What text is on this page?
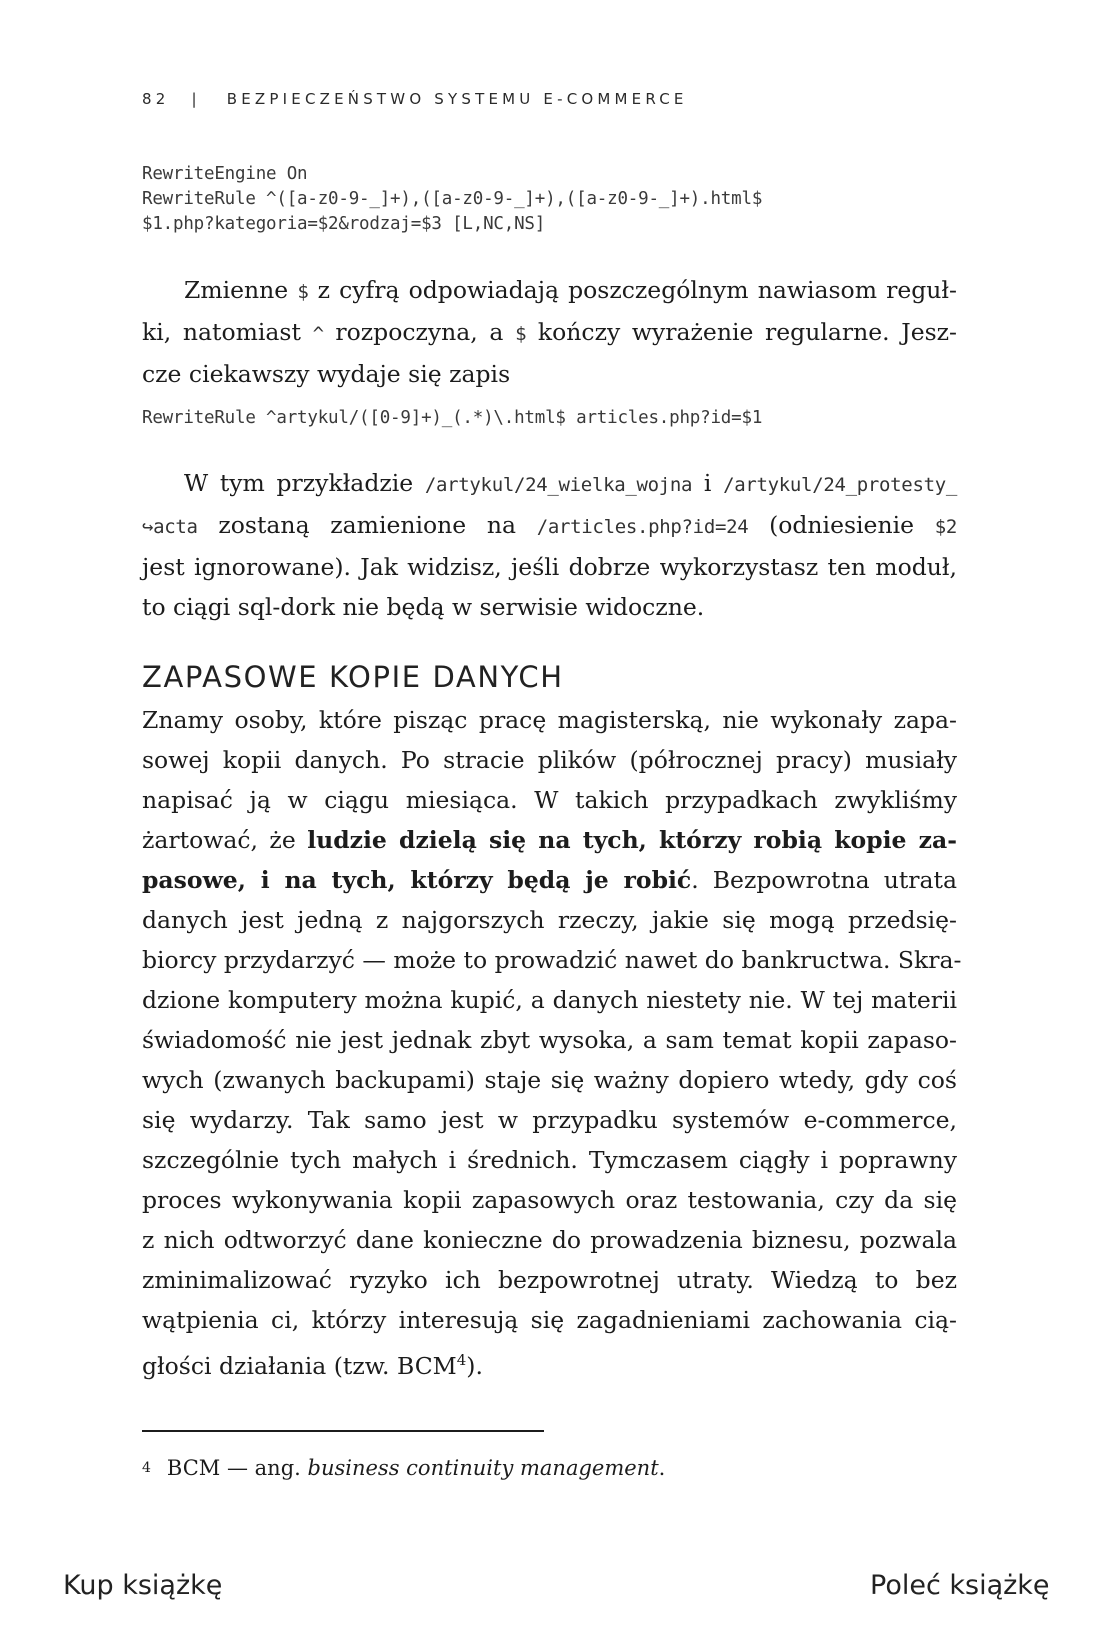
82 | BEZPIECZEŃSTWO SYSTEMU E-COMMERCE
RewriteEngine On
RewriteRule ^([a-z0-9-_]+),([a-z0-9-_]+),([a-z0-9-_]+).html$
$1.php?kategoria=$2&rodzaj=$3 [L,NC,NS]
Zmienne $ z cyfrą odpowiadają poszczególnym nawiasom reguł-
ki, natomiast ^ rozpoczyna, a $ kończy wyrażenie regularne. Jesz-
cze ciekawszy wydaje się zapis
RewriteRule ^artykul/([0-9]+)_(.*)\.html$ articles.php?id=$1
W tym przykładzie /artykul/24_wielka_wojna i /artykul/24_protesty_
↪acta zostaną zamienione na /articles.php?id=24 (odniesienie $2
jest ignorowane). Jak widzisz, jeśli dobrze wykorzystasz ten moduł,
to ciągi sql-dork nie będą w serwisie widoczne.
ZAPASOWE KOPIE DANYCH
Znamy osoby, które pisząc pracę magisterską, nie wykonały zapa-
sowej kopii danych. Po stracie plików (półrocznej pracy) musiały
napisać ją w ciągu miesiąca. W takich przypadkach zwykliśmy
żartować, że ludzie dzielą się na tych, którzy robią kopie za-
pasowe, i na tych, którzy będą je robić. Bezpowrotna utrata
danych jest jedną z najgorszych rzeczy, jakie się mogą przedsię-
biorcy przydarzyć — może to prowadzić nawet do bankructwa. Skra-
dzione komputery można kupić, a danych niestety nie. W tej materii
świadomość nie jest jednak zbyt wysoka, a sam temat kopii zapaso-
wych (zwanych backupami) staje się ważny dopiero wtedy, gdy coś
się wydarzy. Tak samo jest w przypadku systemów e-commerce,
szczególnie tych małych i średnich. Tymczasem ciągły i poprawny
proces wykonywania kopii zapasowych oraz testowania, czy da się
z nich odtworzyć dane konieczne do prowadzenia biznesu, pozwala
zminimalizować ryzyko ich bezpowrotnej utraty. Wiedzą to bez
wątpienia ci, którzy interesują się zagadnieniami zachowania cią-
głości działania (tzw. BCM$^4$).
4 BCM — ang. business continuity management.
Kup książkę	Poleć książkę
